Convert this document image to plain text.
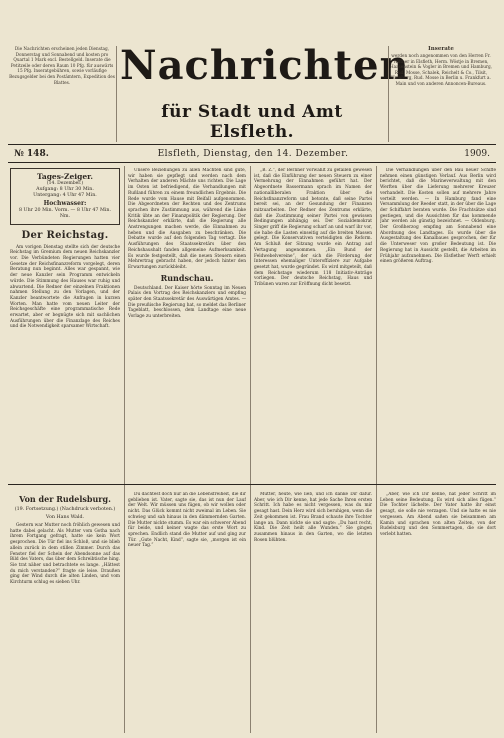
Die Nachrichten erscheinen jeden Dienstag, Donnerstag und Sonnabend und kosten pro Quartal 1 Mark excl. Bestellgeld. Inserate die Petitzeile oder deren Raum 10 Pfg. für auswärts 15 Pfg. Inseratgebühren, sowie vorläufige Bezugsgelder bei den Postämtern, Expedition des Blattes.	Nachrichten
für Stadt und Amt Elsfleth.
Inserate
werden noch angenommen von den Herren Fr. Wiltner in Elsfleth, Herm. Wöstje in Bremen, Haasenstein & Vogler in Bremen und Hamburg, Rud. Mosse, Schalek, Reichelt & Co., Tilsit, Hamburg, Rud. Mosse in Berlin u. Frankfurt a. Main und von anderen Annoncen-Bureaus.
№ 148.	Elsfleth, Dienstag, den 14. Dezember.	1909.
Tages-Zeiger.
(14. Dezember.)
Aufgang: 8 Uhr 30 Min.
Untergang: 4 Uhr 47 Min.
Hochwasser:
8 Uhr 20 Min. Vorm. — 8 Uhr 47 Min. Nm.
Der Reichstag.

Am vorigen Dienstag stellte sich der deutsche Reichstag im Gremium dem neuen Reichskanzler vor. Die Verbündeten Regierungen hatten vier Gesetze der Reichsfinanzreform vorgelegt, deren Beratung nun beginnt. Alles war gespannt, wie der neue Kanzler sein Programm entwickeln würde. Die Stimmung des Hauses war ruhig und abwartend. Die Redner der einzelnen Fraktionen nahmen Stellung zu den Vorlagen, und der Kanzler beantwortete die Anfragen in kurzen Worten. Man hatte vom neuen Leiter der Reichsgeschäfte eine programmatische Rede erwartet, aber er begnügte sich mit sachlichen Ausführungen über die Finanzlage des Reiches und die Notwendigkeit sparsamer Wirtschaft.

Unsere Beziehungen zu allen Mächten sind gute, wir haben sie gepflegt und werden nach dem Verhalten der anderen Mächte uns richten. Die Lage im Osten ist befriedigend, die Verhandlungen mit Rußland führen zu einem freundlichen Ergebnis. Die Rede wurde vom Hause mit Beifall aufgenommen. Die Abgeordneten der Rechten und des Zentrums sprachen ihre Zustimmung aus, während die Linke Kritik übte an der Finanzpolitik der Regierung. Der Reichskanzler erklärte, daß die Regierung alle Anstrengungen machen werde, die Einnahmen zu heben und die Ausgaben zu beschränken. Die Debatte wurde auf den folgenden Tag vertagt. Die Ausführungen des Staatssekretärs über den Reichshaushalt fanden allgemeine Aufmerksamkeit. Es wurde festgestellt, daß die neuen Steuern einen Mehrertrag gebracht haben, der jedoch hinter den Erwartungen zurückbleibt.

Rundschau.

Deutschland. Der Kaiser hörte Sonntag im Neuen Palais den Vortrag des Reichskanzlers und empfing später den Staatssekretär des Auswärtigen Amtes. — Die preußische Regierung hat, so meldet das Berliner Tageblatt, beschlossen, dem Landtage eine neue Vorlage zu unterbreiten.

„B. Z.“, der Berliner Vorwahlt zu gefallen gewesen ist, daß die Einführung der neuen Steuern zu einer Vermehrung der Einnahmen geführt hat. Der Abgeordnete Bassermann sprach im Namen der nationalliberalen Fraktion über die Reichsfinanzreform und betonte, daß seine Partei bereit sei, an der Gesundung der Finanzen mitzuarbeiten. Der Redner des Zentrums erklärte, daß die Zustimmung seiner Partei von gewissen Bedingungen abhängig sei. Der Sozialdemokrat Singer griff die Regierung scharf an und warf ihr vor, sie habe die Lasten einseitig auf die breiten Massen gelegt. Die Konservativen verteidigten die Reform. Am Schluß der Sitzung wurde ein Antrag auf Vertagung angenommen. „Ein Bund der Feldwebelvereine“, der sich die Förderung der Interessen ehemaliger Unteroffiziere zur Aufgabe gesetzt hat, wurde gegründet. Es wird mitgeteilt, daß dem Reichstage wiederum 118 Initiativ-Anträge vorliegen. Der deutsche Reichstag, Haus und Tribünen waren zur Eröffnung dicht besetzt.

Die Verhandlungen über den Bau neuer Schiffe nehmen einen günstigen Verlauf. Aus Berlin wird berichtet, daß die Marineverwaltung mit den Werften über die Lieferung mehrerer Kreuzer verhandelt. Die Kosten sollen auf mehrere Jahre verteilt werden. — In Hamburg fand eine Versammlung der Reeder statt, in der über die Lage der Schiffahrt beraten wurde. Die Frachtsätze sind gestiegen, und die Aussichten für das kommende Jahr werden als günstig bezeichnet. — Oldenburg. Der Großherzog empfing am Sonnabend eine Abordnung des Landtages. Es wurde über die Ausgestaltung des Kanalbaues gesprochen, der für die Unterweser von großer Bedeutung ist. Die Regierung hat in Aussicht gestellt, die Arbeiten im Frühjahr aufzunehmen. Die Elsflether Werft erhielt einen größeren Auftrag.

Von der Rudelsburg.
(19. Fortsetzung.) (Nachdruck verboten.)
Von Hans Wald.

Gestern war Mutter noch fröhlich gewesen und hatte dabei gelacht. Als Mutter vom Gotha nach ihrem Fortgang gefragt, hatte sie kein Wort gesprochen. Die Tür fiel ins Schloß, und sie blieb allein zurück in dem stillen Zimmer. Durch das Fenster fiel der Schein der Abendsonne auf das Bild des Vaters, das über dem Schreibtische hing. Sie trat näher und betrachtete es lange. „Hättest du mich verstanden?“ fragte sie leise. Draußen ging der Wind durch die alten Linden, und vom Kirchturm schlug es sieben Uhr.

Du dachtest doch nur an die Lebensfreiheit, die dir geblieben ist. Vater, sagte sie, das ist nun der Lauf der Welt. Wir müssen uns fügen, ob wir wollen oder nicht. Das Glück kommt nicht zweimal im Leben. Sie schwieg und sah hinaus in den dämmernden Garten. Die Mutter nickte stumm. Es war ein schwerer Abend für beide, und keiner wagte das erste Wort zu sprechen. Endlich stand die Mutter auf und ging zur Tür. „Gute Nacht, Kind“, sagte sie, „morgen ist ein neuer Tag.“

Mutter, heute, wie lieb, und ich danke Dir dafür. Aber, wie ich Dir kenne, hat jede Sache Ihren ersten Schritt. Ich habe es nicht vergessen, was du mir gesagt hast. Dein Herz wird sich beruhigen, wenn die Zeit gekommen ist. Frau Brand schaute ihre Tochter lange an. Dann nickte sie und sagte: „Du hast recht, Kind. Die Zeit heilt alle Wunden.“ Sie gingen zusammen hinaus in den Garten, wo die letzten Rosen blühten.

„Aber, wie ich Dir kenne, hat jeder Schritt im Leben seine Bedeutung. Es wird sich alles fügen.“ Die Tochter lächelte. Der Vater hatte ihr einst gesagt, sie solle nie verzagen. Und sie hatte es nie vergessen. Am Abend saßen sie beisammen am Kamin und sprachen von alten Zeiten, von der Rudelsburg und den Sommertagen, die sie dort verlebt hatten.
